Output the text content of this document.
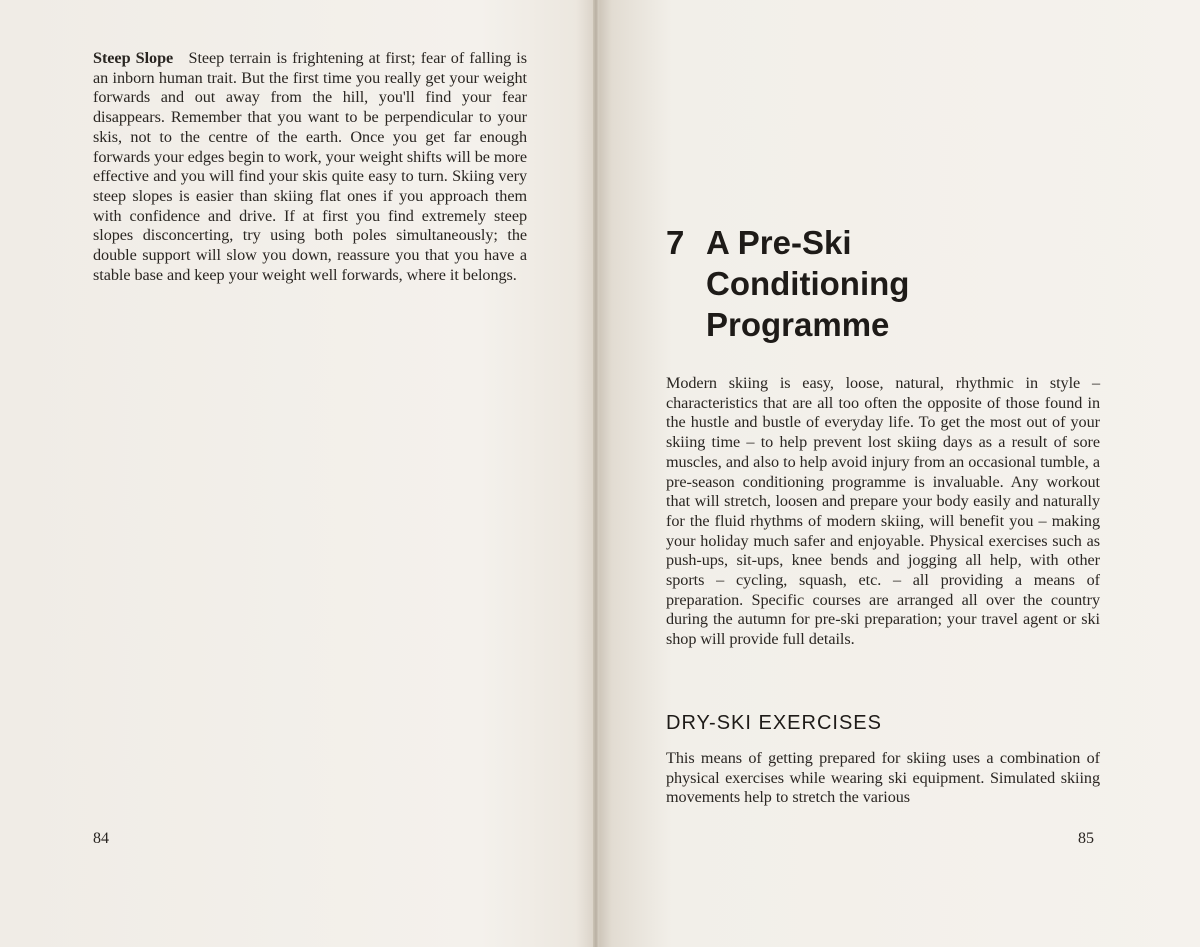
Steep Slope Steep terrain is frightening at first; fear of falling is an inborn human trait. But the first time you really get your weight forwards and out away from the hill, you'll find your fear disappears. Remember that you want to be perpendicular to your skis, not to the centre of the earth. Once you get far enough forwards your edges begin to work, your weight shifts will be more effective and you will find your skis quite easy to turn. Skiing very steep slopes is easier than skiing flat ones if you approach them with confidence and drive. If at first you find extremely steep slopes disconcerting, try using both poles simultaneously; the double support will slow you down, reassure you that you have a stable base and keep your weight well forwards, where it belongs.

84
7 A Pre-Ski
Conditioning
Programme

Modern skiing is easy, loose, natural, rhythmic in style – characteristics that are all too often the opposite of those found in the hustle and bustle of everyday life. To get the most out of your skiing time – to help prevent lost skiing days as a result of sore muscles, and also to help avoid injury from an occasional tumble, a pre-season conditioning programme is invaluable. Any workout that will stretch, loosen and prepare your body easily and naturally for the fluid rhythms of modern skiing, will benefit you – making your holiday much safer and enjoyable. Physical exercises such as push-ups, sit-ups, knee bends and jogging all help, with other sports – cycling, squash, etc. – all providing a means of preparation. Specific courses are arranged all over the country during the autumn for pre-ski preparation; your travel agent or ski shop will provide full details.

DRY-SKI EXERCISES

This means of getting prepared for skiing uses a combination of physical exercises while wearing ski equipment. Simulated skiing movements help to stretch the various

85
